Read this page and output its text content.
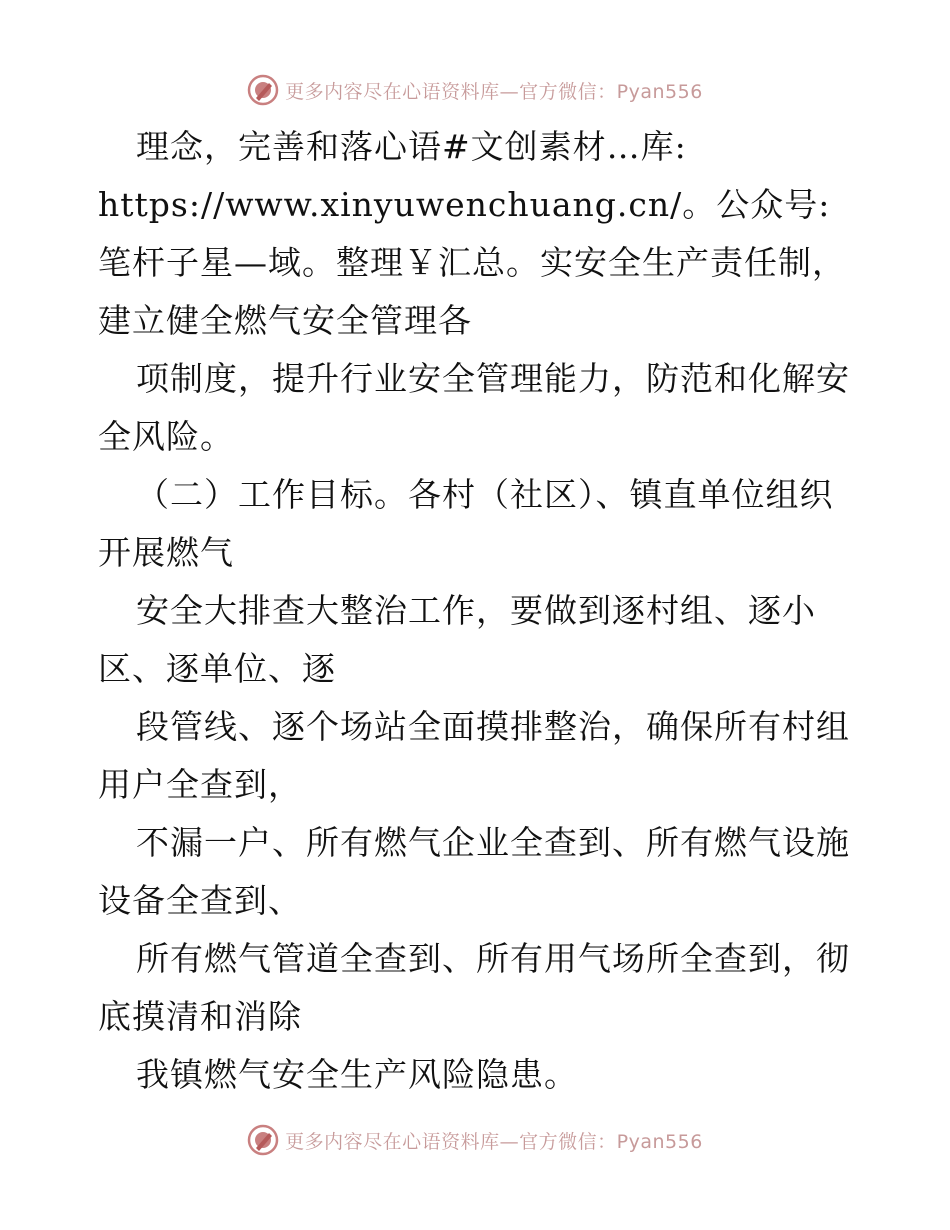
更多内容尽在心语资料库—官方微信：Pyan556

理念，完善和落心语#文创素材…库: https://www.xinyuwenchuang.cn/。公众号: 笔杆子星—域。整理￥汇总。实安全生产责任制，建立健全燃气安全管理各

项制度，提升行业安全管理能力，防范和化解安全风险。

（二）工作目标。各村（社区）、镇直单位组织开展燃气

安全大排查大整治工作，要做到逐村组、逐小区、逐单位、逐

段管线、逐个场站全面摸排整治，确保所有村组用户全查到，

不漏一户、所有燃气企业全查到、所有燃气设施设备全查到、

所有燃气管道全查到、所有用气场所全查到，彻底摸清和消除

我镇燃气安全生产风险隐患。

更多内容尽在心语资料库—官方微信：Pyan556
